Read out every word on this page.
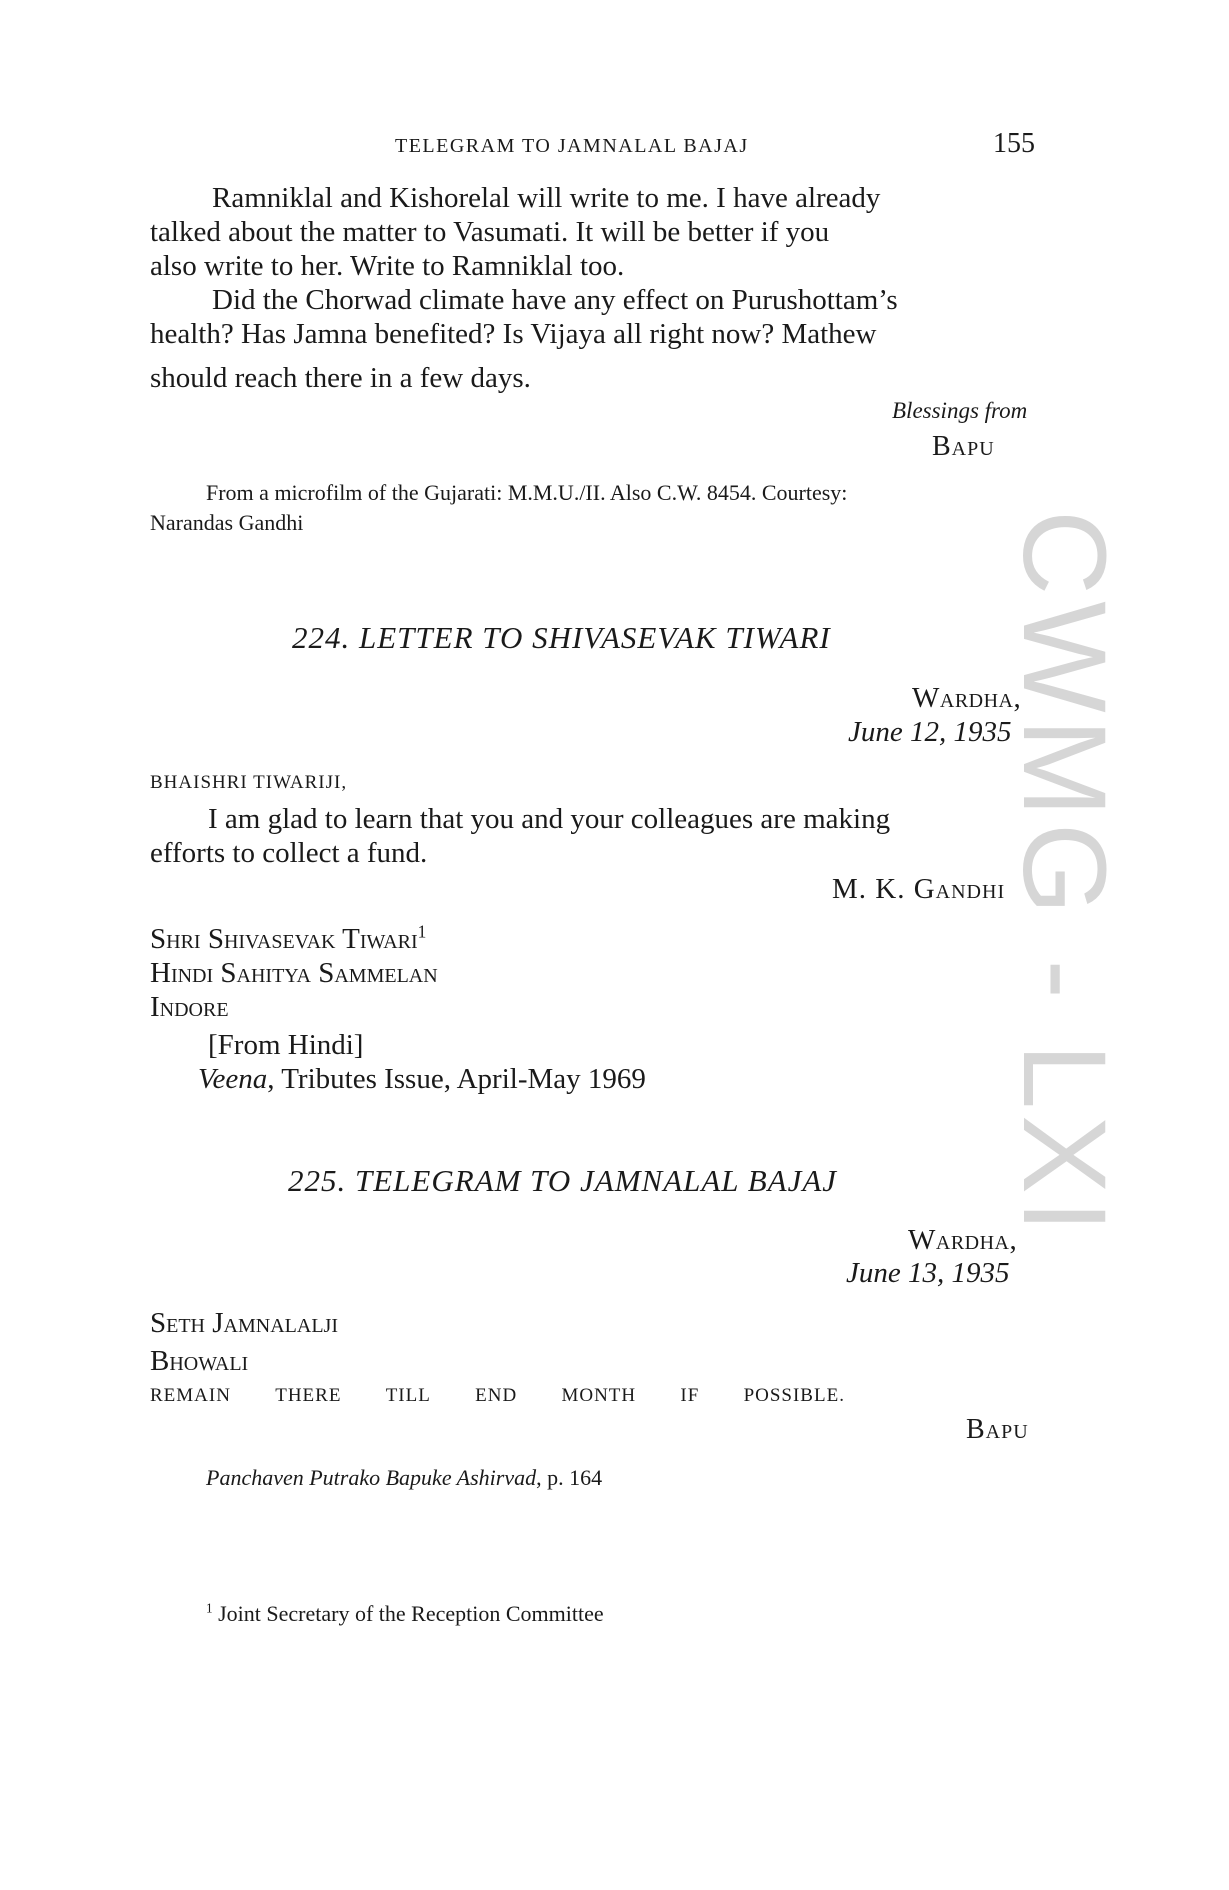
CWMG - LXI
TELEGRAM TO JAMNALAL BAJAJ	155
Ramniklal and Kishorelal will write to me. I have already
talked about the matter to Vasumati. It will be better if you
also write to her. Write to Ramniklal too.
Did the Chorwad climate have any effect on Purushottam’s
health? Has Jamna benefited? Is Vijaya all right now? Mathew
should reach there in a few days.
Blessings from
Bapu
From a microfilm of the Gujarati: M.M.U./II. Also C.W. 8454. Courtesy:
Narandas Gandhi
224. LETTER TO SHIVASEVAK TIWARI
Wardha,
June 12, 1935
BHAISHRI TIWARIJI,
I am glad to learn that you and your colleagues are making
efforts to collect a fund.
M. K. Gandhi
Shri Shivasevak Tiwari$^1$
Hindi Sahitya Sammelan
Indore
[From Hindi]
Veena, Tributes Issue, April-May 1969
225. TELEGRAM TO JAMNALAL BAJAJ
Wardha,
June 13, 1935
Seth Jamnalalji
Bhowali
REMAIN THERE TILL END MONTH IF POSSIBLE.
Bapu
Panchaven Putrako Bapuke Ashirvad, p. 164
$^1$ Joint Secretary of the Reception Committee
